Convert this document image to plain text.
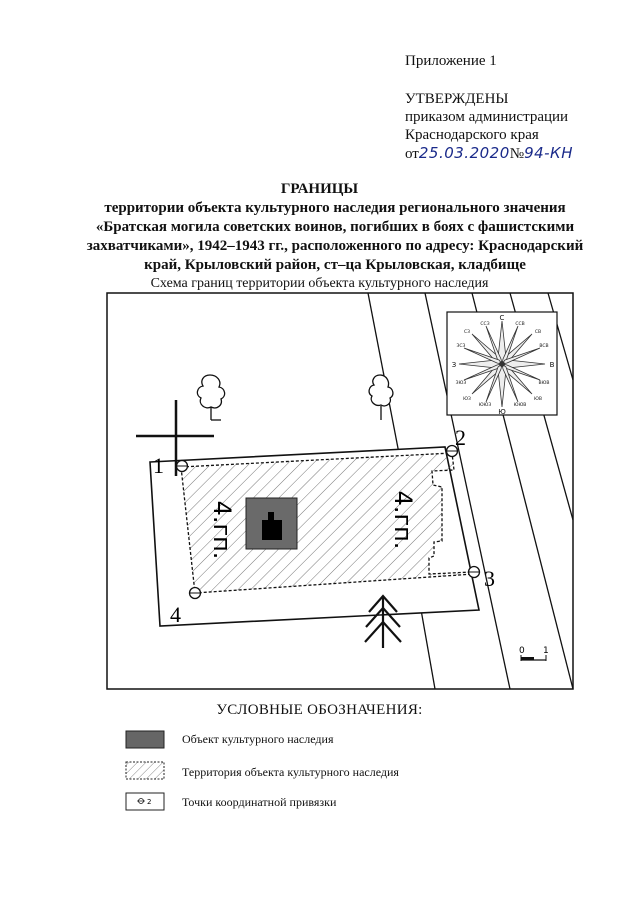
Приложение 1
УТВЕРЖДЕНЫ
приказом администрации
Краснодарского края
от25.03.2020№94-КН
ГРАНИЦЫ
территории объекта культурного наследия регионального значения
«Братская могила советских воинов, погибших в боях с фашистскими
захватчиками», 1942–1943 гг., расположенного по адресу: Краснодарский
край, Крыловский район, ст–ца Крыловская, кладбище
Схема границ территории объекта культурного наследия
4.гп.	4.гп.
1
2
3
4
С
Ю
З	В
СЗ	СВ
ЮЗ	ЮВ
ССЗ	ССВ
ЗСЗ	ВСВ
ЗЮЗ	ВЮВ
ЮЮЗ	ЮЮВ
0 1
УСЛОВНЫЕ ОБОЗНАЧЕНИЯ:
2
Объект культурного наследия
Территория объекта культурного наследия
Точки координатной привязки
